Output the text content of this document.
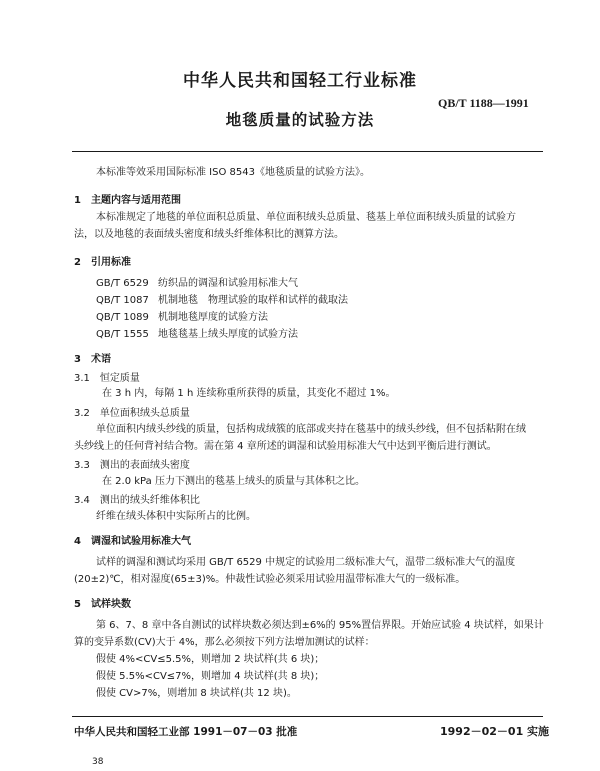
中华人民共和国轻工行业标准
QB/T 1188—1991
地毯质量的试验方法
本标准等效采用国际标准 ISO 8543《地毯质量的试验方法》。
1　主题内容与适用范围
本标准规定了地毯的单位面积总质量、单位面积绒头总质量、毯基上单位面积绒头质量的试验方
法，以及地毯的表面绒头密度和绒头纤维体积比的测算方法。
2　引用标准
GB/T 6529 纺织品的调湿和试验用标准大气
QB/T 1087 机制地毯　物理试验的取样和试样的截取法
QB/T 1089 机制地毯厚度的试验方法
QB/T 1555 地毯毯基上绒头厚度的试验方法
3　术语
3.1　恒定质量
在 3 h 内，每隔 1 h 连续称重所获得的质量，其变化不超过 1%。
3.2　单位面积绒头总质量
单位面积内绒头纱线的质量，包括构成绒簇的底部或夹持在毯基中的绒头纱线，但不包括粘附在绒
头纱线上的任何背衬结合物。需在第 4 章所述的调湿和试验用标准大气中达到平衡后进行测试。
3.3　测出的表面绒头密度
在 2.0 kPa 压力下测出的毯基上绒头的质量与其体积之比。
3.4　测出的绒头纤维体积比
纤维在绒头体积中实际所占的比例。
4　调湿和试验用标准大气
试样的调湿和测试均采用 GB/T 6529 中规定的试验用二级标准大气，温带二级标准大气的温度
(20±2)℃，相对湿度(65±3)%。仲裁性试验必须采用试验用温带标准大气的一级标准。
5　试样块数
第 6、7、8 章中各自测试的试样块数必须达到±6%的 95%置信界限。开始应试验 4 块试样，如果计
算的变异系数(CV)大于 4%，那么必须按下列方法增加测试的试样：
假使 4%<CV≤5.5%，则增加 2 块试样(共 6 块)；
假使 5.5%<CV≤7%，则增加 4 块试样(共 8 块)；
假使 CV>7%，则增加 8 块试样(共 12 块)。
中华人民共和国轻工业部 1991－07－03 批准	1992－02－01 实施
38
